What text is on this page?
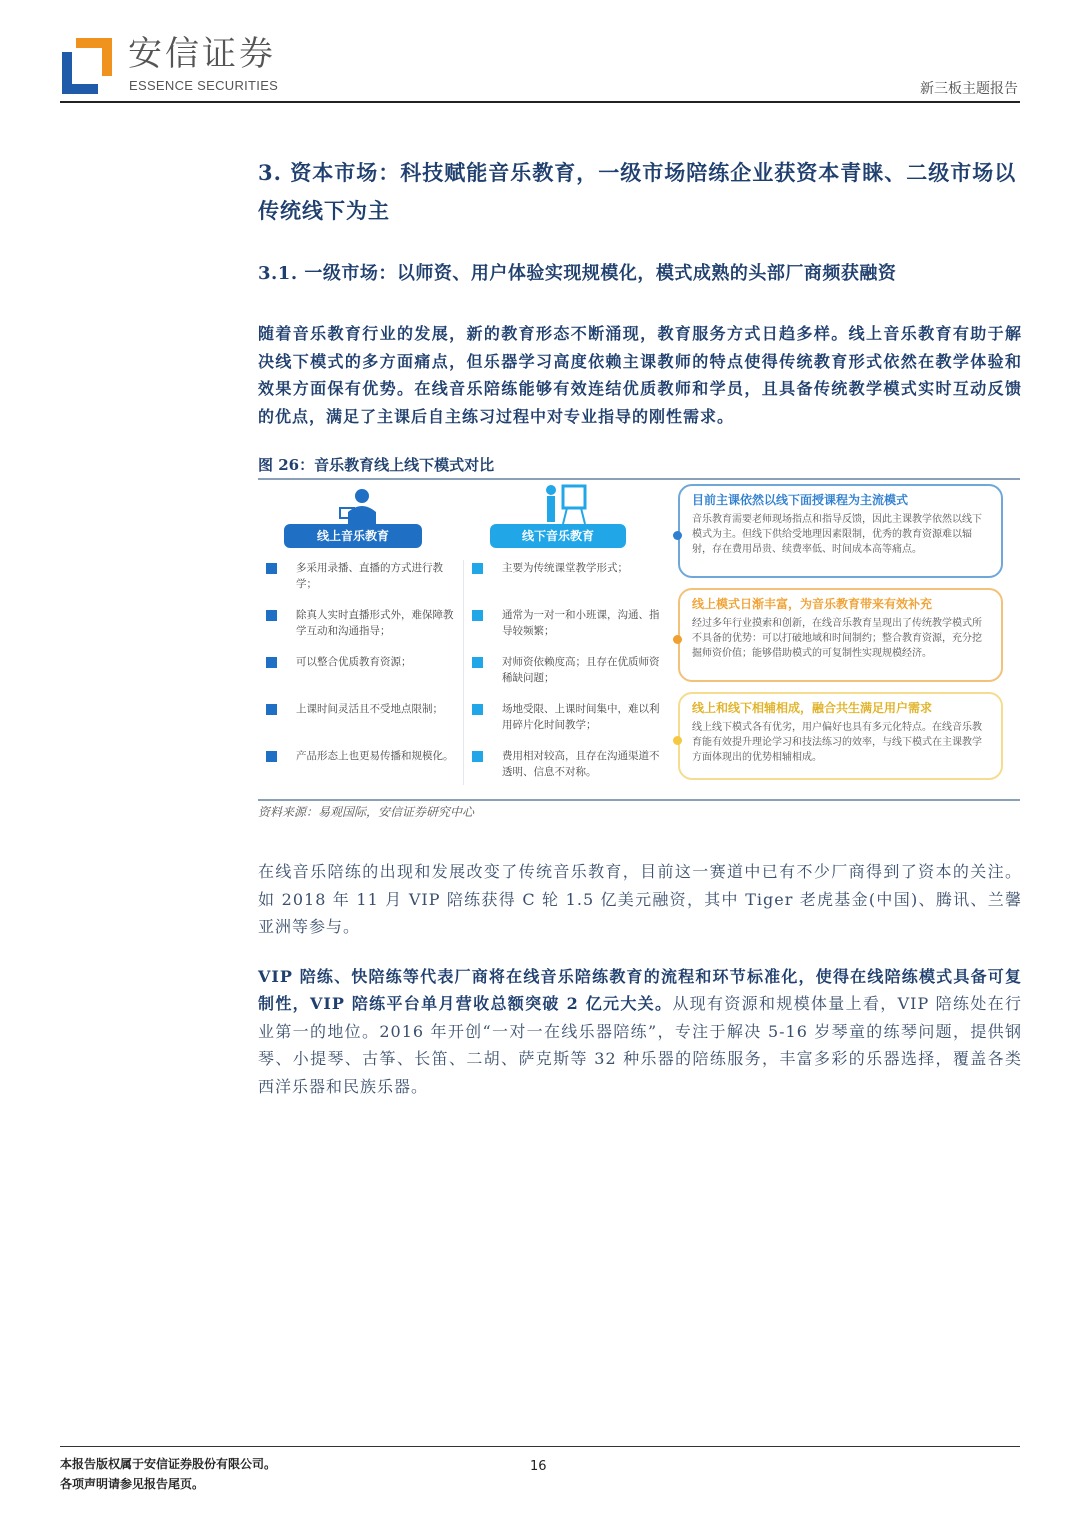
安信证券
ESSENCE SECURITIES	新三板主题报告
3. 资本市场：科技赋能音乐教育，一级市场陪练企业获资本青睐、二级市场以传统线下为主
3.1. 一级市场：以师资、用户体验实现规模化，模式成熟的头部厂商频获融资

随着音乐教育行业的发展，新的教育形态不断涌现，教育服务方式日趋多样。线上音乐教育有助于解决线下模式的多方面痛点，但乐器学习高度依赖主课教师的特点使得传统教育形式依然在教学体验和效果方面保有优势。在线音乐陪练能够有效连结优质教师和学员，且具备传统教学模式实时互动反馈的优点，满足了主课后自主练习过程中对专业指导的刚性需求。

图 26：音乐教育线上线下模式对比
线上音乐教育	线下音乐教育
多采用录播、直播的方式进行教学；
除真人实时直播形式外，难保障教学互动和沟通指导；
可以整合优质教育资源；
上课时间灵活且不受地点限制；
产品形态上也更易传播和规模化。
主要为传统课堂教学形式；
通常为一对一和小班课，沟通、指导较频繁；
对师资依赖度高；且存在优质师资稀缺问题；
场地受限、上课时间集中，难以利用碎片化时间教学；
费用相对较高，且存在沟通渠道不透明、信息不对称。
目前主课依然以线下面授课程为主流模式
音乐教育需要老师现场指点和指导反馈，因此主课教学依然以线下模式为主。但线下供给受地理因素限制，优秀的教育资源难以辐射，存在费用昂贵、续费率低、时间成本高等痛点。
线上模式日渐丰富，为音乐教育带来有效补充
经过多年行业摸索和创新，在线音乐教育呈现出了传统教学模式所不具备的优势：可以打破地域和时间制约；整合教育资源，充分挖掘师资价值；能够借助模式的可复制性实现规模经济。
线上和线下相辅相成，融合共生满足用户需求
线上线下模式各有优劣，用户偏好也具有多元化特点。在线音乐教育能有效提升理论学习和技法练习的效率，与线下模式在主课教学方面体现出的优势相辅相成。
资料来源：易观国际，安信证券研究中心

在线音乐陪练的出现和发展改变了传统音乐教育，目前这一赛道中已有不少厂商得到了资本的关注。如 2018 年 11 月 VIP 陪练获得 C 轮 1.5 亿美元融资，其中 Tiger 老虎基金(中国)、腾讯、兰馨亚洲等参与。

VIP 陪练、快陪练等代表厂商将在线音乐陪练教育的流程和环节标准化，使得在线陪练模式具备可复制性，VIP 陪练平台单月营收总额突破 2 亿元大关。从现有资源和规模体量上看，VIP 陪练处在行业第一的地位。2016 年开创“一对一在线乐器陪练”，专注于解决 5-16 岁琴童的练琴问题，提供钢琴、小提琴、古筝、长笛、二胡、萨克斯等 32 种乐器的陪练服务，丰富多彩的乐器选择，覆盖各类西洋乐器和民族乐器。

本报告版权属于安信证券股份有限公司。
各项声明请参见报告尾页。
16
